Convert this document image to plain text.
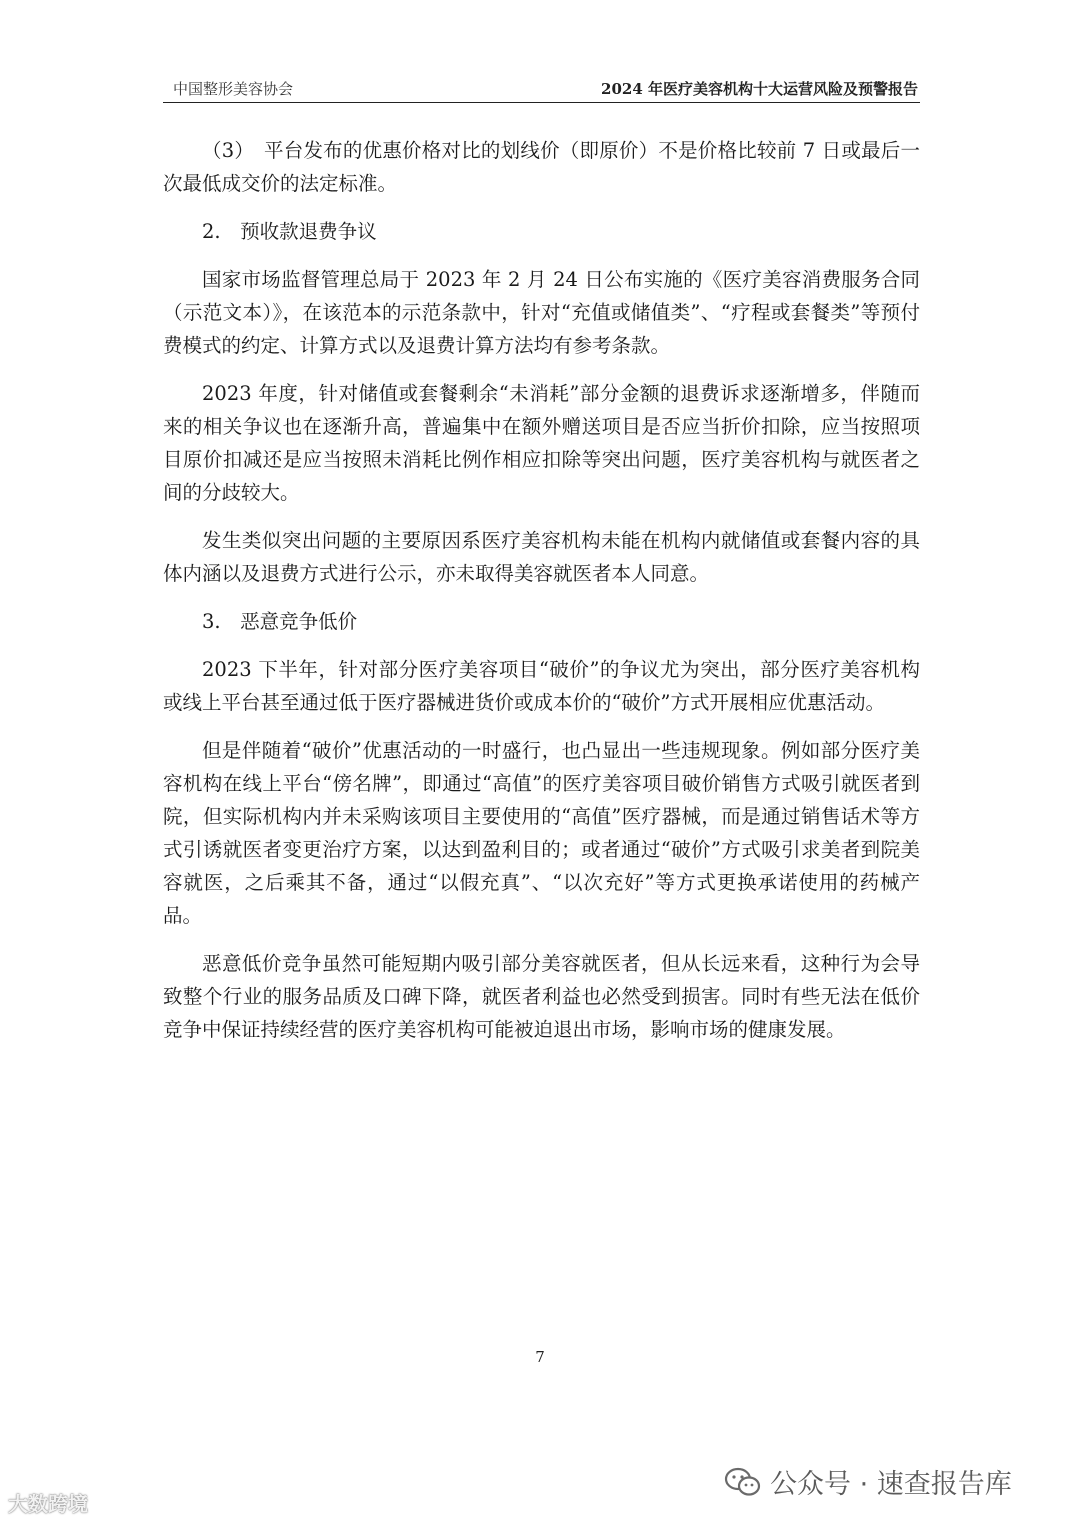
中国整形美容协会	2024 年医疗美容机构十大运营风险及预警报告

（3）　平台发布的优惠价格对比的划线价（即原价）不是价格比较前 7 日或最后一次最低成交价的法定标准。

2.　预收款退费争议

国家市场监督管理总局于 2023 年 2 月 24 日公布实施的《医疗美容消费服务合同（示范文本）》，在该范本的示范条款中，针对“充值或储值类”、“疗程或套餐类”等预付费模式的约定、计算方式以及退费计算方法均有参考条款。

2023 年度，针对储值或套餐剩余“未消耗”部分金额的退费诉求逐渐增多，伴随而来的相关争议也在逐渐升高，普遍集中在额外赠送项目是否应当折价扣除，应当按照项目原价扣减还是应当按照未消耗比例作相应扣除等突出问题，医疗美容机构与就医者之间的分歧较大。

发生类似突出问题的主要原因系医疗美容机构未能在机构内就储值或套餐内容的具体内涵以及退费方式进行公示，亦未取得美容就医者本人同意。

3.　恶意竞争低价

2023 下半年，针对部分医疗美容项目“破价”的争议尤为突出，部分医疗美容机构或线上平台甚至通过低于医疗器械进货价或成本价的“破价”方式开展相应优惠活动。

但是伴随着“破价”优惠活动的一时盛行，也凸显出一些违规现象。例如部分医疗美容机构在线上平台“傍名牌”，即通过“高值”的医疗美容项目破价销售方式吸引就医者到院，但实际机构内并未采购该项目主要使用的“高值”医疗器械，而是通过销售话术等方式引诱就医者变更治疗方案，以达到盈利目的；或者通过“破价”方式吸引求美者到院美容就医，之后乘其不备，通过“以假充真”、“以次充好”等方式更换承诺使用的药械产品。

恶意低价竞争虽然可能短期内吸引部分美容就医者，但从长远来看，这种行为会导致整个行业的服务品质及口碑下降，就医者利益也必然受到损害。同时有些无法在低价竞争中保证持续经营的医疗美容机构可能被迫退出市场，影响市场的健康发展。

7
大数跨境
公众号 · 速查报告库
